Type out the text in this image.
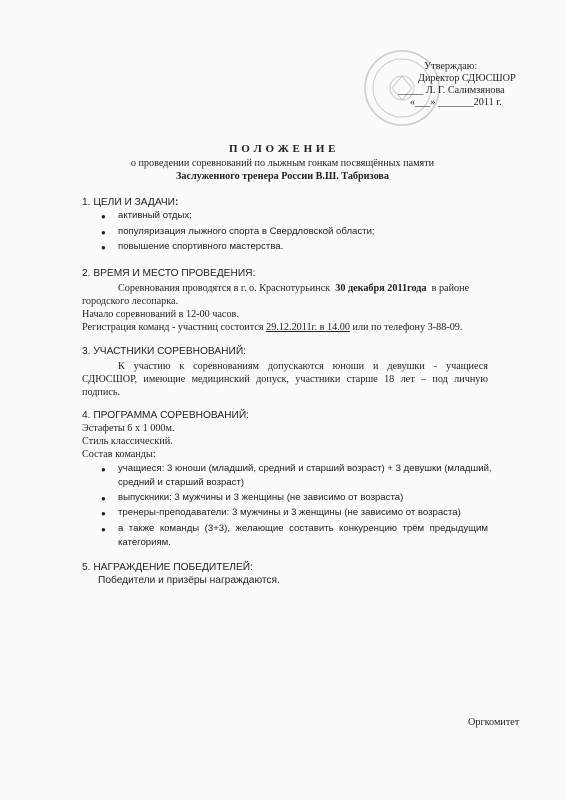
Утверждаю:
Директор СДЮСШОР
_____ Л. Г. Салимзянова
«___» _______2011 г.
П О Л О Ж Е Н И Е
о проведении соревнований по лыжным гонкам посвящённых памяти
Заслуженного тренера России В.Ш. Табризова
1. ЦЕЛИ И ЗАДАЧИ:
● активный отдых;
● популяризация лыжного спорта в Свердловской области;
● повышение спортивного мастерства.
2. ВРЕМЯ И МЕСТО ПРОВЕДЕНИЯ:
Соревнования проводятся в г. о. Краснотурьинск 30 декабря 2011года в районе
городского лесопарка.
Начало соревнований в 12-00 часов.
Регистрация команд - участниц состоится 29.12.2011г. в 14.00 или по телефону 3-88-09.
3. УЧАСТНИКИ СОРЕВНОВАНИЙ:
К участию к соревнованиям допускаются юноши и девушки - учащиеся
СДЮСШОР, имеющие медицинский допуск, участники старше 18 лет – под личную
подпись.
4. ПРОГРАММА СОРЕВНОВАНИЙ:
Эстафеты 6 х 1 000м.
Стиль классический.
Состав команды:
● учащиеся: 3 юноши (младший, средний и старший возраст) + 3 девушки (младший,
средний и старший возраст)
● выпускники: 3 мужчины и 3 женщины (не зависимо от возраста)
● тренеры-преподаватели: 3 мужчины и 3 женщины (не зависимо от возраста)
● а также команды (3+3), желающие составить конкуренцию трём предыдущим
категориям.
5. НАГРАЖДЕНИЕ ПОБЕДИТЕЛЕЙ:
Победители и призёры награждаются.
Оргкомитет
